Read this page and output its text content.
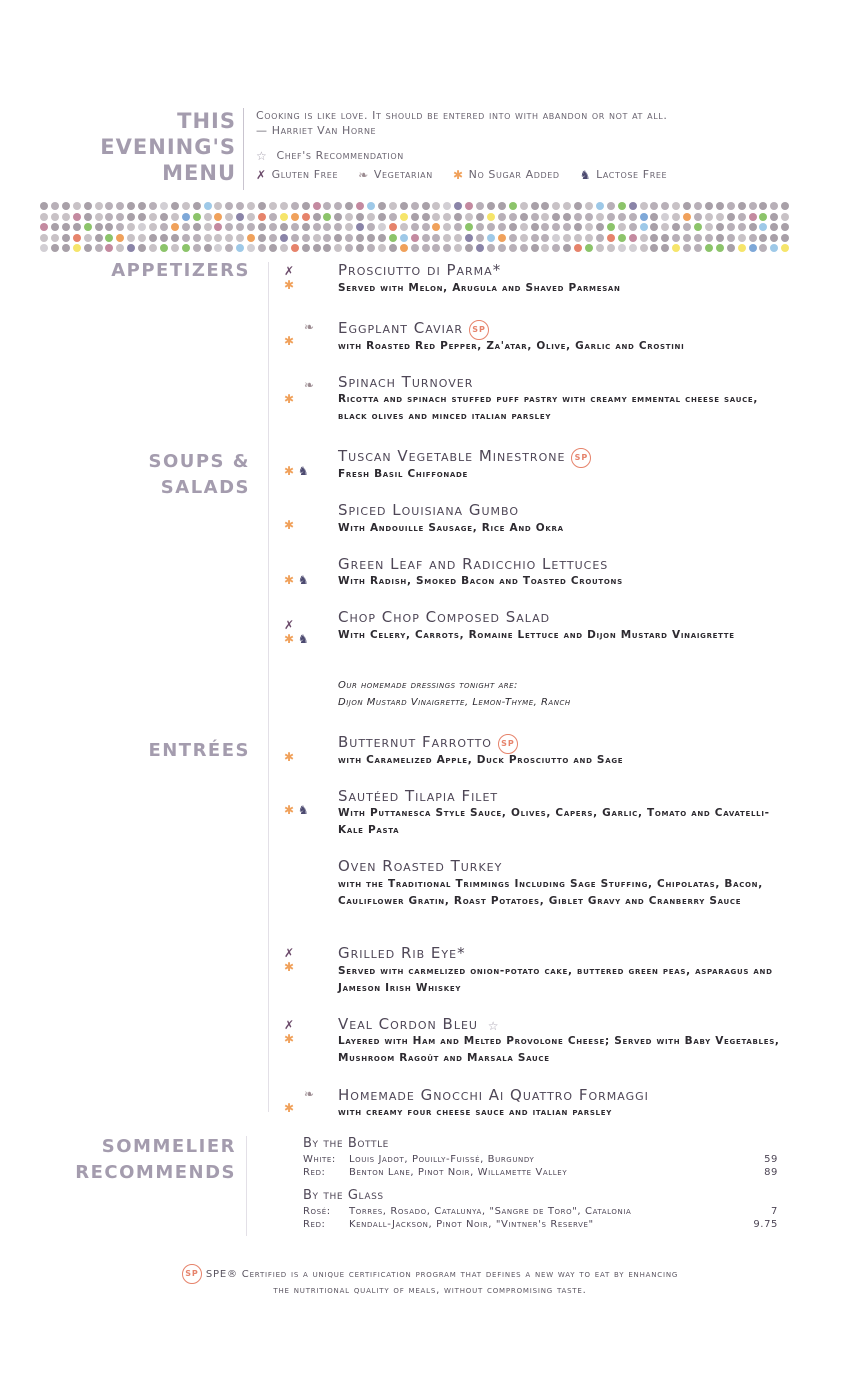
THIS
EVENING'S
MENU
Cooking is like love. It should be entered into with abandon or not at all.
— Harriet Van Horne
☆ Chef's Recommendation
✗ Gluten Free ❧ Vegetarian ✱ No Sugar Added ♞ Lactose Free
APPETIZERS	✗
✱
Prosciutto di Parma*
Served with Melon, Arugula and Shaved Parmesan
❧
✱
Eggplant Caviar SP
with Roasted Red Pepper, Za'atar, Olive, Garlic and Crostini
❧
✱
Spinach Turnover
Ricotta and spinach stuffed puff pastry with creamy emmental cheese sauce, black olives and minced italian parsley
SOUPS &
SALADS
✱ ♞
Tuscan Vegetable Minestrone SP
Fresh Basil Chiffonade
✱
Spiced Louisiana Gumbo
With Andouille Sausage, Rice And Okra
✱ ♞
Green Leaf and Radicchio Lettuces
With Radish, Smoked Bacon and Toasted Croutons
✗
✱ ♞
Chop Chop Composed Salad
With Celery, Carrots, Romaine Lettuce and Dijon Mustard Vinaigrette
Our homemade dressings tonight are:
Dijon Mustard Vinaigrette, Lemon-Thyme, Ranch
ENTRÉES	✱
Butternut Farrotto SP
with Caramelized Apple, Duck Prosciutto and Sage
✱ ♞
Sautéed Tilapia Filet
With Puttanesca Style Sauce, Olives, Capers, Garlic, Tomato and Cavatelli-Kale Pasta
Oven Roasted Turkey
with the Traditional Trimmings Including Sage Stuffing, Chipolatas, Bacon, Cauliflower Gratin, Roast Potatoes, Giblet Gravy and Cranberry Sauce
✗
✱
Grilled Rib Eye*
Served with carmelized onion-potato cake, buttered green peas, asparagus and Jameson Irish Whiskey
✗
✱
Veal Cordon Bleu ☆
Layered with Ham and Melted Provolone Cheese; Served with Baby Vegetables, Mushroom Ragoût and Marsala Sauce
❧
✱
Homemade Gnocchi Ai Quattro Formaggi
with creamy four cheese sauce and italian parsley
SOMMELIER
RECOMMENDS
By the Bottle
White: Louis Jadot, Pouilly-Fuissé, Burgundy	59
Red: Benton Lane, Pinot Noir, Willamette Valley	89
By the Glass
Rosé: Torres, Rosado, Catalunya, "Sangre de Toro", Catalonia	7
Red: Kendall-Jackson, Pinot Noir, "Vintner's Reserve"	9.75
SP SPE® Certified is a unique certification program that defines a new way to eat by enhancing
the nutritional quality of meals, without compromising taste.
